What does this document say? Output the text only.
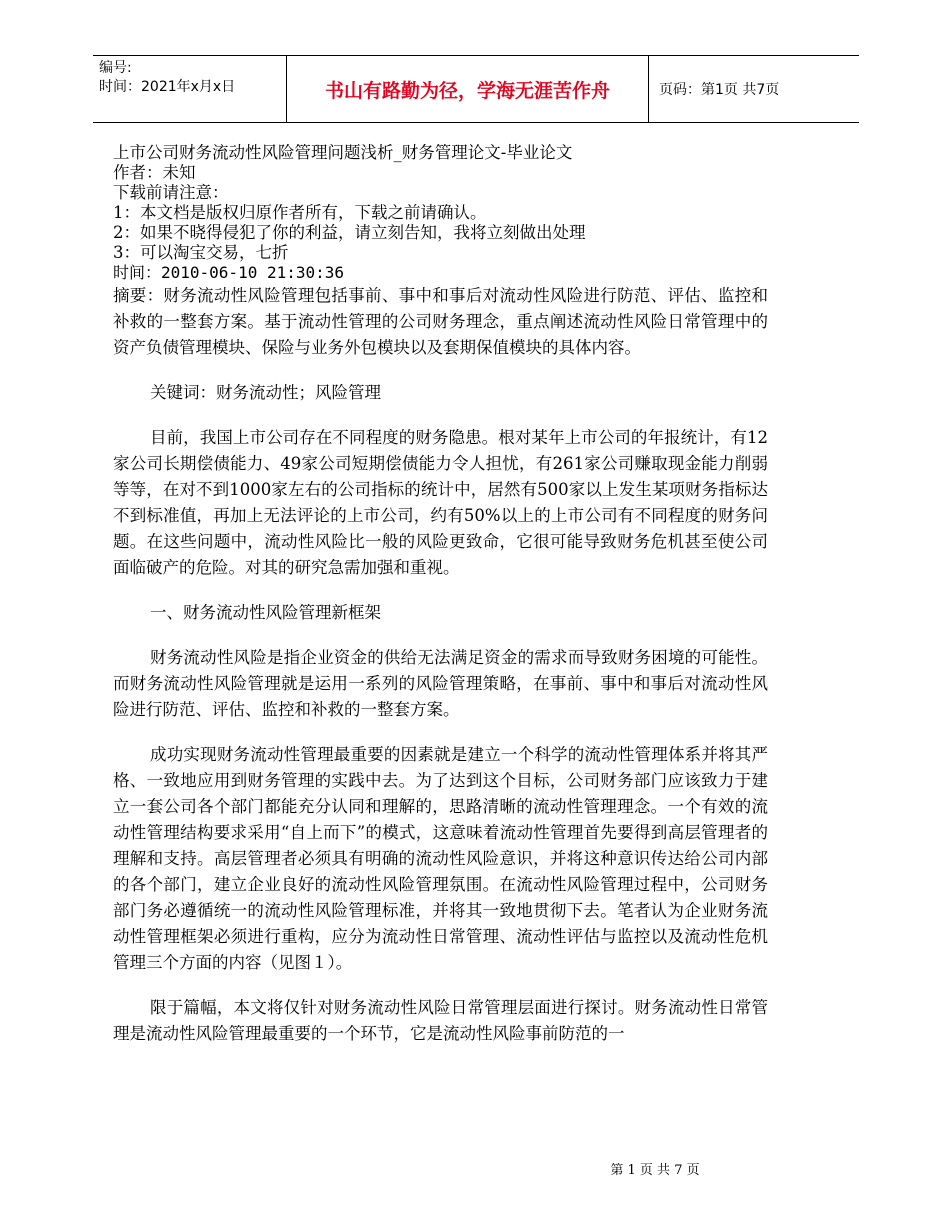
编号:
时间：2021年x月x日	书山有路勤为径，学海无涯苦作舟	页码：第1页 共7页

上市公司财务流动性风险管理问题浅析_财务管理论文-毕业论文

作者：未知

下载前请注意：

1：本文档是版权归原作者所有，下载之前请确认。

2：如果不晓得侵犯了你的利益，请立刻告知，我将立刻做出处理

3：可以淘宝交易，七折

时间：2010-06-10 21:30:36

摘要：财务流动性风险管理包括事前、事中和事后对流动性风险进行防范、评估、监控和补救的一整套方案。基于流动性管理的公司财务理念，重点阐述流动性风险日常管理中的资产负债管理模块、保险与业务外包模块以及套期保值模块的具体内容。

关键词：财务流动性；风险管理

目前，我国上市公司存在不同程度的财务隐患。根对某年上市公司的年报统计，有12家公司长期偿债能力、49家公司短期偿债能力令人担忧，有261家公司赚取现金能力削弱等等，在对不到1000家左右的公司指标的统计中，居然有500家以上发生某项财务指标达不到标准值，再加上无法评论的上市公司，约有50%以上的上市公司有不同程度的财务问题。在这些问题中，流动性风险比一般的风险更致命，它很可能导致财务危机甚至使公司面临破产的危险。对其的研究急需加强和重视。

一、财务流动性风险管理新框架

财务流动性风险是指企业资金的供给无法满足资金的需求而导致财务困境的可能性。而财务流动性风险管理就是运用一系列的风险管理策略，在事前、事中和事后对流动性风险进行防范、评估、监控和补救的一整套方案。

成功实现财务流动性管理最重要的因素就是建立一个科学的流动性管理体系并将其严格、一致地应用到财务管理的实践中去。为了达到这个目标，公司财务部门应该致力于建立一套公司各个部门都能充分认同和理解的，思路清晰的流动性管理理念。一个有效的流动性管理结构要求采用“自上而下”的模式，这意味着流动性管理首先要得到高层管理者的理解和支持。高层管理者必须具有明确的流动性风险意识，并将这种意识传达给公司内部的各个部门，建立企业良好的流动性风险管理氛围。在流动性风险管理过程中，公司财务部门务必遵循统一的流动性风险管理标准，并将其一致地贯彻下去。笔者认为企业财务流动性管理框架必须进行重构，应分为流动性日常管理、流动性评估与监控以及流动性危机管理三个方面的内容（见图１）。

限于篇幅，本文将仅针对财务流动性风险日常管理层面进行探讨。财务流动性日常管理是流动性风险管理最重要的一个环节，它是流动性风险事前防范的一

第 1 页 共 7 页
